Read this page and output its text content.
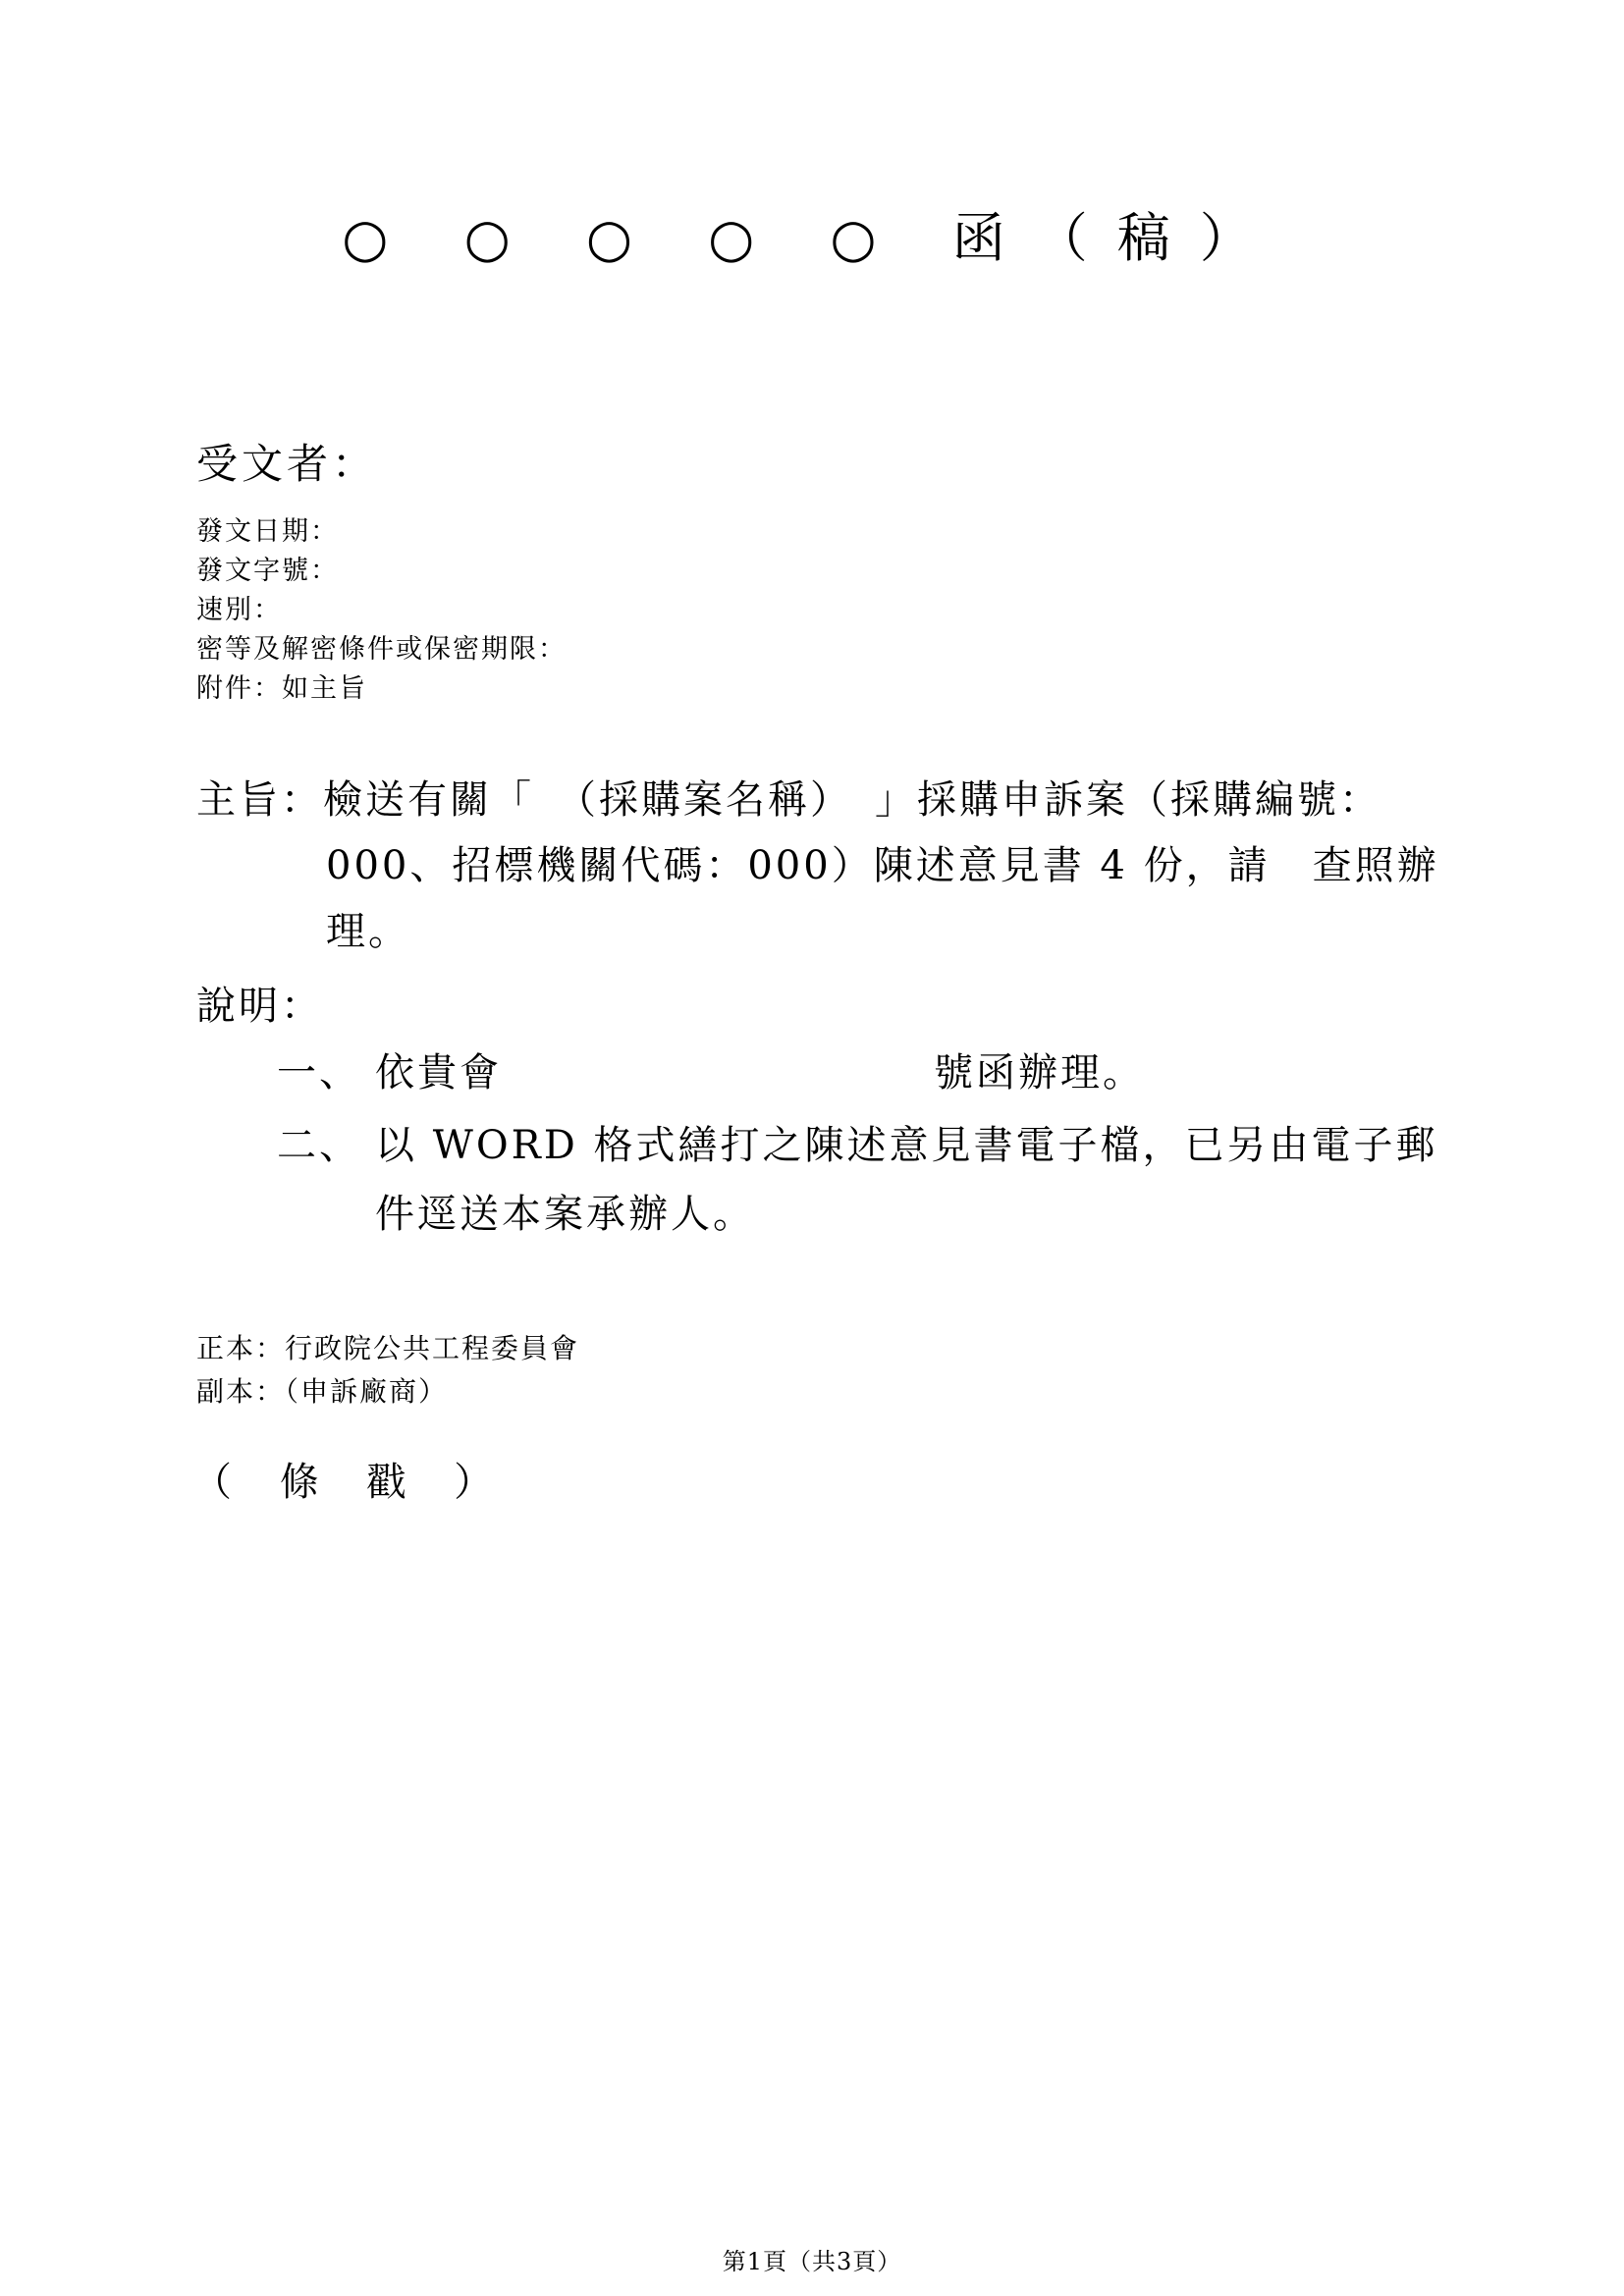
○ ○ ○ ○ ○ 函（稿）
受文者：
發文日期：
發文字號：
速別：
密等及解密條件或保密期限：
附件：如主旨
主旨：檢送有關「　（採購案名稱）　」採購申訴案（採購編號：
000、招標機關代碼：000）陳述意見書 4 份，請　查照辦
理。
說明：
一、 依貴會	號函辦理。
二、 以 WORD 格式繕打之陳述意見書電子檔，已另由電子郵
件逕送本案承辦人。
正本：行政院公共工程委員會
副本：（申訴廠商）
（ 條 戳 ）
第1頁（共3頁）
